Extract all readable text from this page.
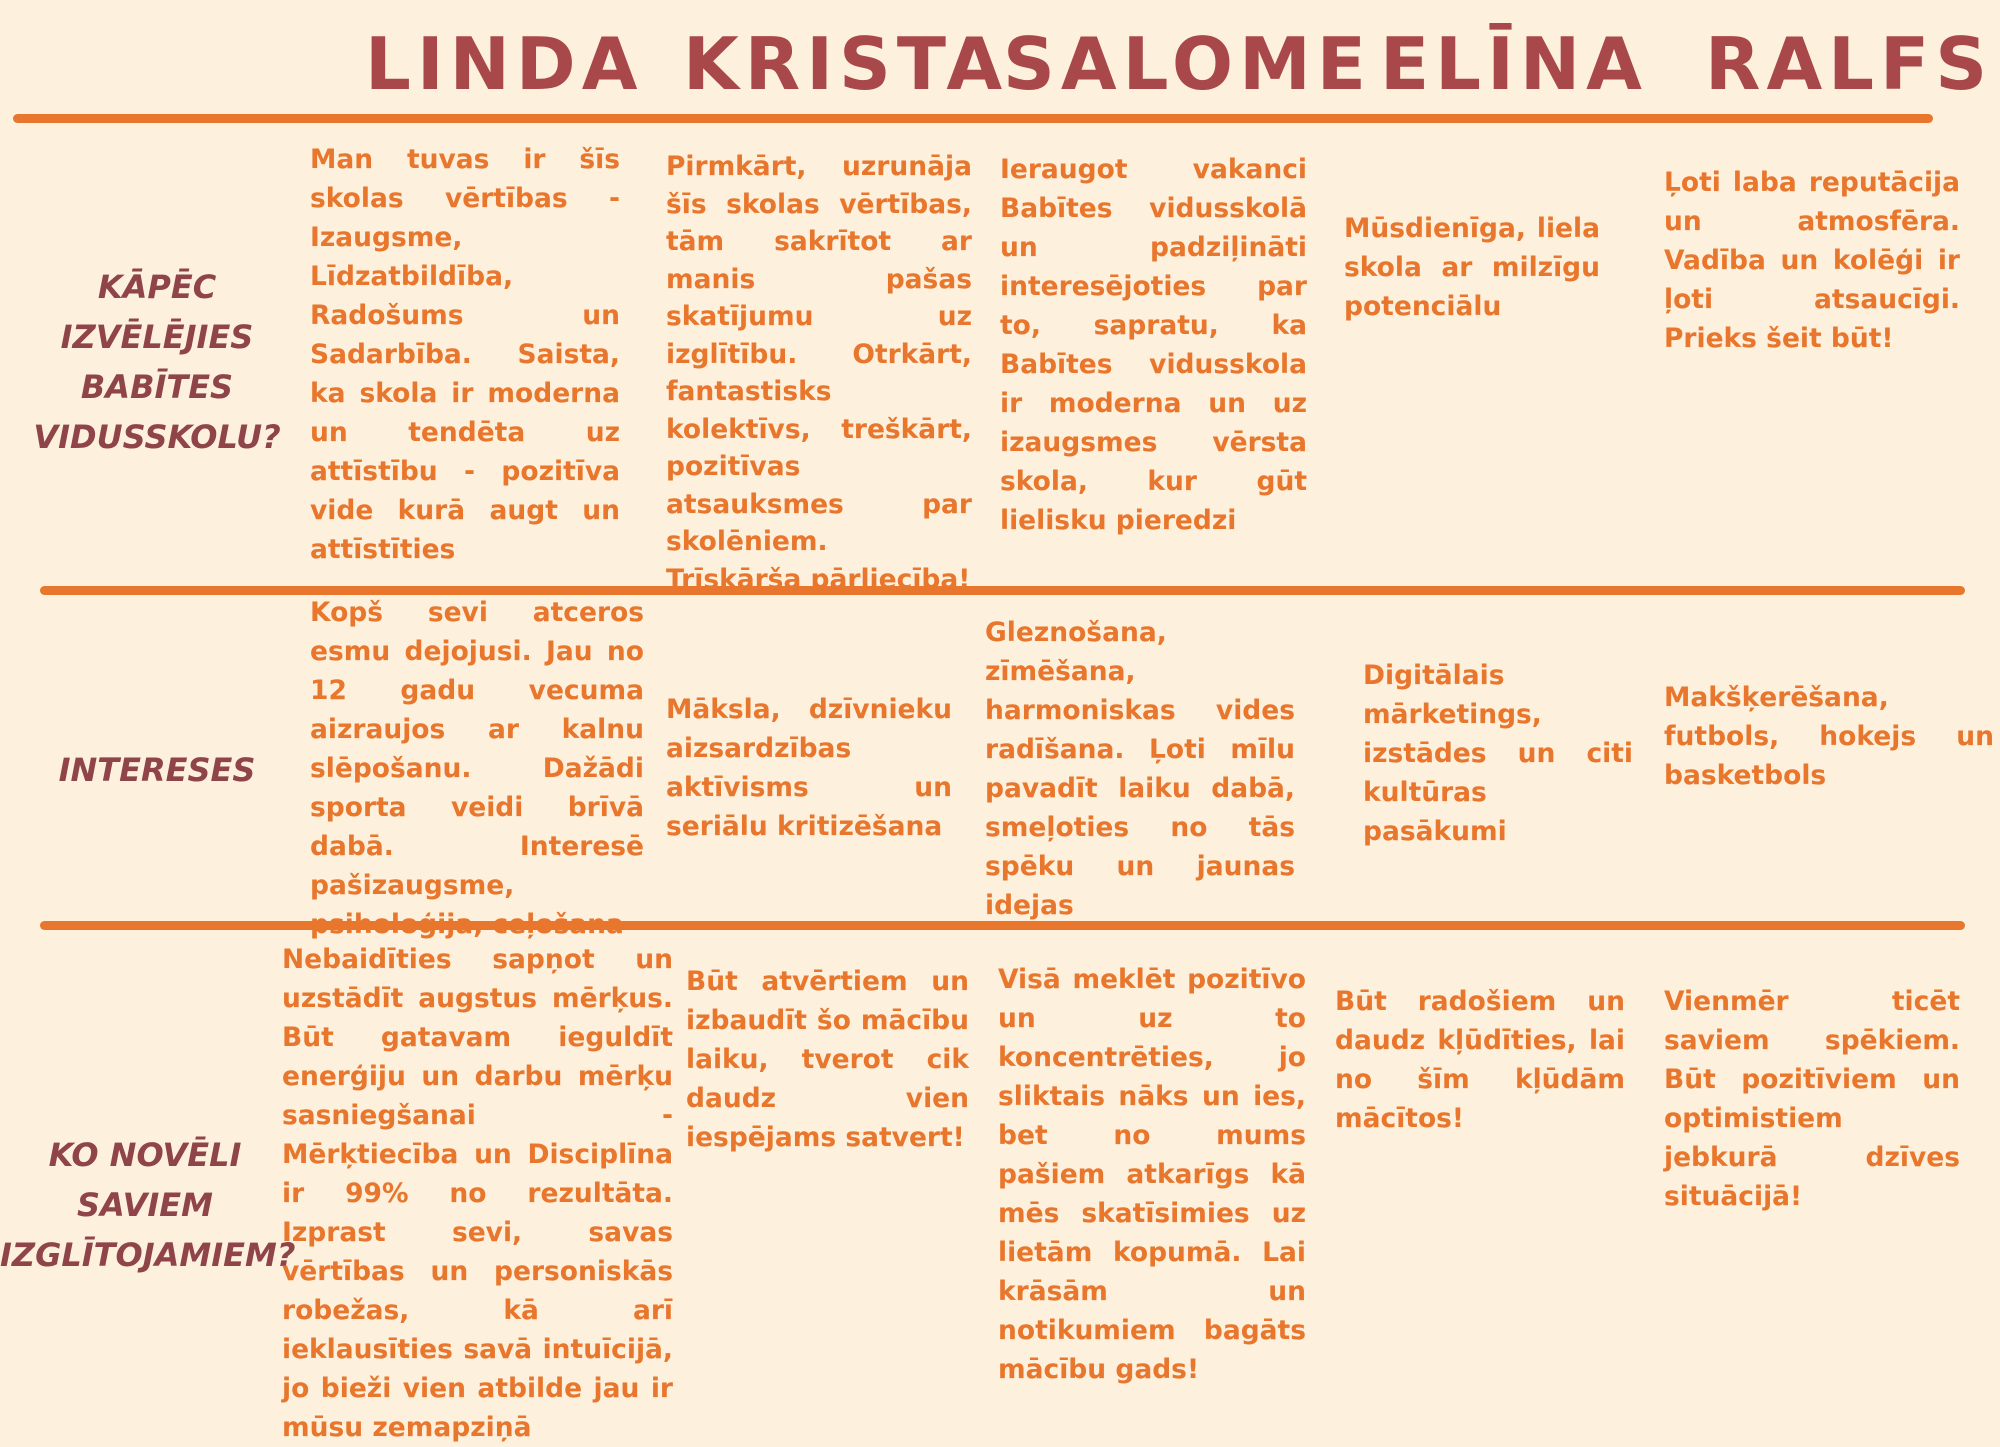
LINDA KRISTA
SALOME ELĪNA RALFS
KĀPĒC IZVĒLĒJIES BABĪTES VIDUSSKOLU?
INTERESES
KO NOVĒLI SAVIEM IZGLĪTOJAMIEM?
Man tuvas ir šīs skolas vērtības - Izaugsme, Līdzatbildība, Radošums un Sadarbība. Saista, ka skola ir moderna un tendēta uz attīstību - pozitīva vide kurā augt un attīstīties
Pirmkārt, uzrunāja šīs skolas vērtības, tām sakrītot ar manis pašas skatījumu uz izglītību. Otrkārt, fantastisks kolektīvs, treškārt, pozitīvas atsauksmes par skolēniem. Trīskārša pārliecība!
Ieraugot vakanci Babītes vidusskolā un padziļināti interesējoties par to, sapratu, ka Babītes vidusskola ir moderna un uz izaugsmes vērsta skola, kur gūt lielisku pieredzi
Mūsdienīga, liela skola ar milzīgu potenciālu
Ļoti laba reputācija un atmosfēra. Vadība un kolēģi ir ļoti atsaucīgi. Prieks šeit būt!
Kopš sevi atceros esmu dejojusi. Jau no 12 gadu vecuma aizraujos ar kalnu slēpošanu. Dažādi sporta veidi brīvā dabā. Interesē pašizaugsme, psiholoģija, ceļošana
Māksla, dzīvnieku aizsardzības aktīvisms un seriālu kritizēšana
Gleznošana, zīmēšana, harmoniskas vides radīšana. Ļoti mīlu pavadīt laiku dabā, smeļoties no tās spēku un jaunas idejas
Digitālais mārketings, izstādes un citi kultūras pasākumi
Makšķerēšana, futbols, hokejs un basketbols
Nebaidīties sapņot un uzstādīt augstus mērķus. Būt gatavam ieguldīt enerģiju un darbu mērķu sasniegšanai - Mērķtiecība un Disciplīna ir 99% no rezultāta. Izprast sevi, savas vērtības un personiskās robežas, kā arī ieklausīties savā intuīcijā, jo bieži vien atbilde jau ir mūsu zemapziņā
Būt atvērtiem un izbaudīt šo mācību laiku, tverot cik daudz vien iespējams satvert!
Visā meklēt pozitīvo un uz to koncentrēties, jo sliktais nāks un ies, bet no mums pašiem atkarīgs kā mēs skatīsimies uz lietām kopumā. Lai krāsām un notikumiem bagāts mācību gads!
Būt radošiem un daudz kļūdīties, lai no šīm kļūdām mācītos!
Vienmēr ticēt saviem spēkiem. Būt pozitīviem un optimistiem jebkurā dzīves situācijā!
